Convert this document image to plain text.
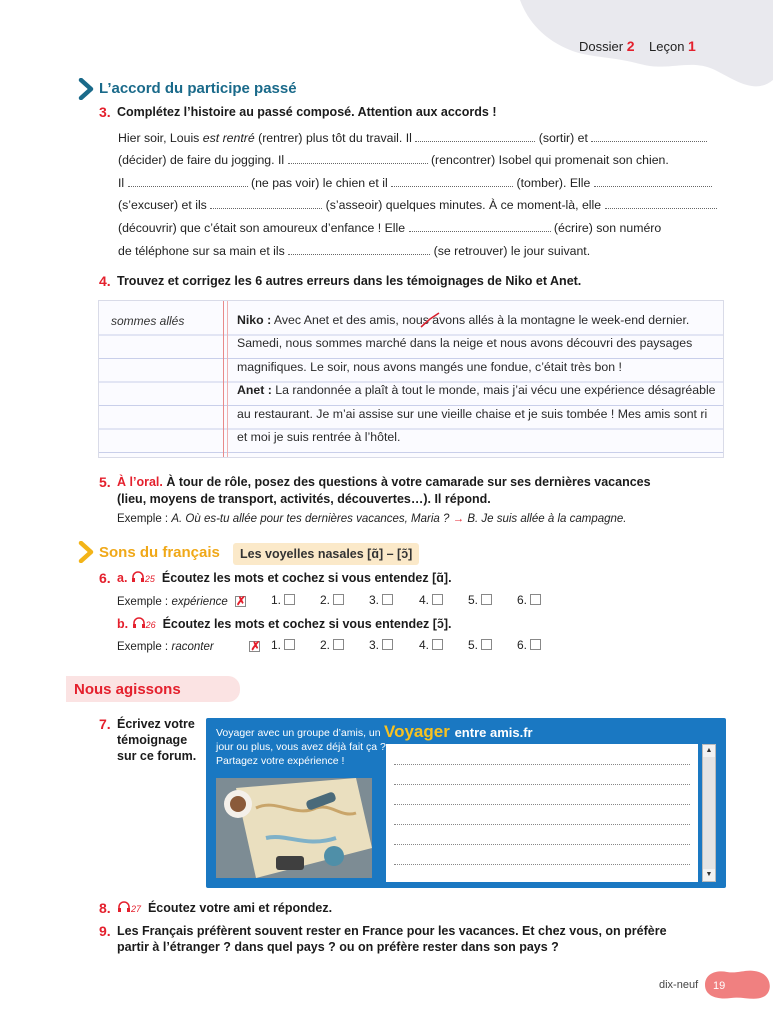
Dossier 2 Leçon 1
L’accord du participe passé
3. Complétez l’histoire au passé composé. Attention aux accords !
Hier soir, Louis est rentré (rentrer) plus tôt du travail. Il	(sortir) et
(décider) de faire du jogging. Il	(rencontrer) Isobel qui promenait son chien.
Il	(ne pas voir) le chien et il	(tomber). Elle
(s’excuser) et ils	(s’asseoir) quelques minutes. À ce moment-là, elle
(découvrir) que c’était son amoureux d’enfance ! Elle	(écrire) son numéro
de téléphone sur sa main et ils	(se retrouver) le jour suivant.
4. Trouvez et corrigez les 6 autres erreurs dans les témoignages de Niko et Anet.
sommes allés	Niko : Avec Anet et des amis, nous avons allés à la montagne le week-end dernier.
Samedi, nous sommes marché dans la neige et nous avons découvri des paysages
magnifiques. Le soir, nous avons mangés une fondue, c’était très bon !
Anet : La randonnée a plaît à tout le monde, mais j’ai vécu une expérience désagréable
au restaurant. Je m’ai assise sur une vieille chaise et je suis tombée ! Mes amis sont ri
et moi je suis rentrée à l’hôtel.
5. À l’oral. À tour de rôle, posez des questions à votre camarade sur ses dernières vacances
(lieu, moyens de transport, activités, découvertes…). Il répond.
Exemple : A. Où es-tu allée pour tes dernières vacances, Maria ? → B. Je suis allée à la campagne.
Sons du français Les voyelles nasales [ɑ̃] – [ɔ̃]
6. a. 25 Écoutez les mots et cochez si vous entendez [ɑ̃].
Exemple : expérience
✗	1.	2.	3.	4.	5.	6.
b. 26 Écoutez les mots et cochez si vous entendez [ɔ̃].
Exemple : raconter
✗	1.	2.	3.	4.	5.	6.
Nous agissons
7. Écrivez votre
témoignage
sur ce forum.
Voyager avec un groupe d’amis, un jour ou plus, vous avez déjà fait ça ? Partagez votre expérience !
Voyager entre amis.fr
▲
▼
8.	27 Écoutez votre ami et répondez.
9. Les Français préfèrent souvent rester en France pour les vacances. Et chez vous, on préfère
partir à l’étranger ? dans quel pays ? ou on préfère rester dans son pays ?
dix-neuf 19
